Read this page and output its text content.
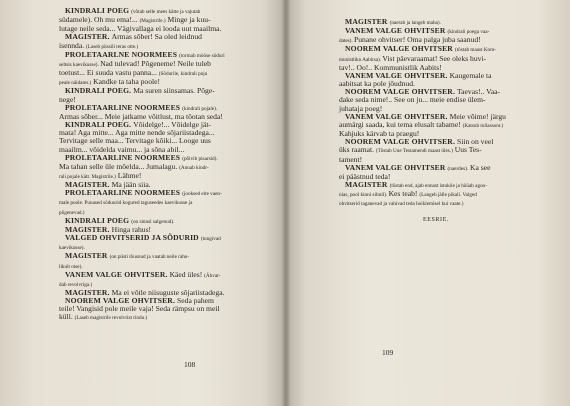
KINDRALI POEG (võtab selle mees kätte ja vajutab
südamele). Oh mu ema!... (Magistrile.) Minge ja kuu-
lutage neile seda... Vägivallaga ei looda uut maailma.
MAGISTER. Armas sõber! Sa oled leidnud
isennda. (Laseb püssili teras otte.)
PROLETAARLNE NOORMEES (tormab mööse söduri
seltsis kaevikusse). Nad tulevad! Põgeneme! Neile tuleb
toetust... Ei suuda vastu panna... (Sõdurile, kindrali poja
peale näidates.) Kandke ta taha poole!
KINDRALI POEG. Ma suren siinsamas. Põge-
nege!
PROLETAARLINE NOORMEES (kindrali pojale).
Armas sõber... Meie jatkame võitlust, ma tõotan seda!
KINDRALI POEG. Võidelge!... Võidelge jät-
mata! Aga mitte... Aga mitte nende sõjariistadega...
Tervitage selle maa... Tervitage kõiki... Looge uus
maailm... võidelda vaimu... ja sõna abil...
PROLETAARLINE NOORMEES (põlvib pisarsid).
Ma tahan selle üle mõelda... Jumalagu. (Annab kindr-
rali pojale kätt. Magistrile.) Lähme!
MAGISTER. Ma jään siia.
PROLETAARLINE NOORMEES (jooksed eite vaen-
male poole. Punased söduurid kogured taguseedes kaevikusse ja
põgenevad.)
KINDRALI POEG (on sinnsl salgenud).
MAGISTER. Hinga rahus!
VALGED OHVITSERID JA SÕDURID (tungivad
kaevikusse).
MAGISTER (on püsti tõusnud ja vaatab neile rahu-
likult otse).
VANEM VALGE OHVITSER. Käed üles! (Ähvar-
dab revolvriga.)
MAGISTER. Ma ei võtle niisuguste sõjariistadega.
NOOREM VALGE OHVITSER. Seda pahem
teile! Vangisid pole meile vaja! Seda rämpsu on meil
küll. (Laseb magistrile revolvrist rindu.)
108
MAGISTER (naerab ja langeb maha).
VANEM VALGE OHVITSER (kindrali poega vaa-
dates). Punane ohvitser! Oma palga juba saanud!
NOOREM VALGE OHVITSER (tõstab maast Kom-
munistlikn Aabitsa). Vist päevaraamat! See oleks huvi-
tav!.. Oo!.. Kommunistlik Aabits!
VANEM VALGE OHVITSER. Kaugemale ta
aabitsat ka pole jõudnud.
NOOREM VALGE OHVITSER. Taevas!.. Vaa-
dake seda nime!.. See on ju... meie endise ülem-
juhataja poeg!
VANEM VALGE OHVITSER. Meie võime! järgu
aumärgi saada, kui tema elusalt tabame! (Katsub tollassont.)
Kahjuks kärvab ta praegu!
NOOREM VALGE OHVITSER. Siin on veel
üks raamat. (Tõstab Uue Testamendi maast üles.) Uus Tes-
tament!
VANEM VALGE OHVITSER (naerdes). Ka see
ei päästnud teda!
MAGISTER (tõstab end, ajab ennast istukile ja hüüab agoo-
nias, pool kinni silmil). Kes teab! (Langeb jälle pikali. Valged
ohvitserid taganevad ja vahivad teda hoiklemisel kui vaate.)
EESRIE.
109
